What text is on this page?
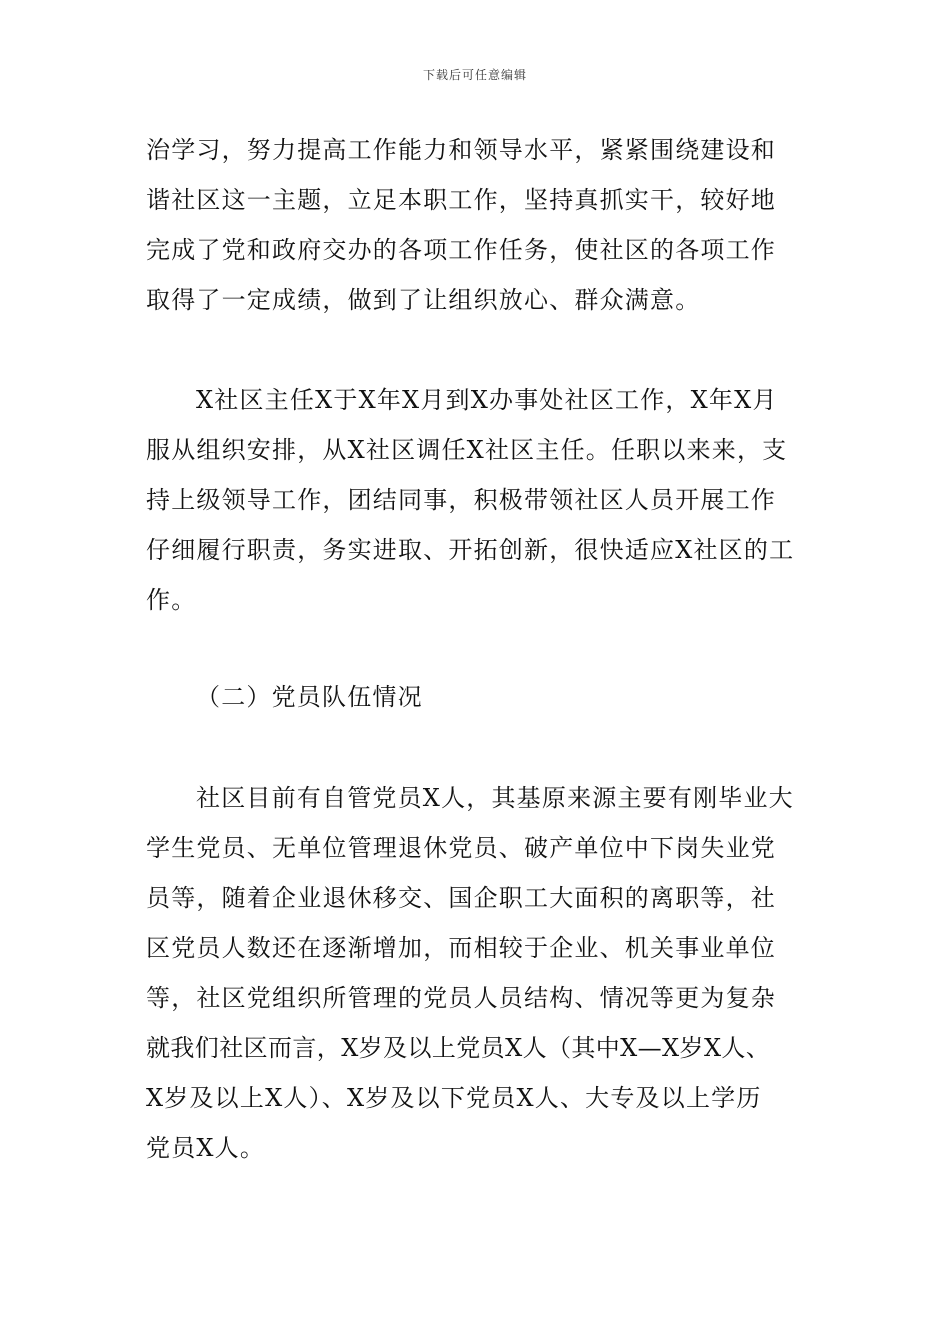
下载后可任意编辑
治学习，努力提高工作能力和领导水平，紧紧围绕建设和
谐社区这一主题，立足本职工作，坚持真抓实干，较好地
完成了党和政府交办的各项工作任务，使社区的各项工作
取得了一定成绩，做到了让组织放心、群众满意。
X社区主任X于X年X月到X办事处社区工作，X年X月
服从组织安排，从X社区调任X社区主任。任职以来来，支
持上级领导工作，团结同事，积极带领社区人员开展工作
仔细履行职责，务实进取、开拓创新，很快适应X社区的工
作。
（二）党员队伍情况
社区目前有自管党员X人，其基原来源主要有刚毕业大
学生党员、无单位管理退休党员、破产单位中下岗失业党
员等，随着企业退休移交、国企职工大面积的离职等，社
区党员人数还在逐渐增加，而相较于企业、机关事业单位
等，社区党组织所管理的党员人员结构、情况等更为复杂
就我们社区而言，X岁及以上党员X人（其中X—X岁X人、
X岁及以上X人）、X岁及以下党员X人、大专及以上学历
党员X人。
